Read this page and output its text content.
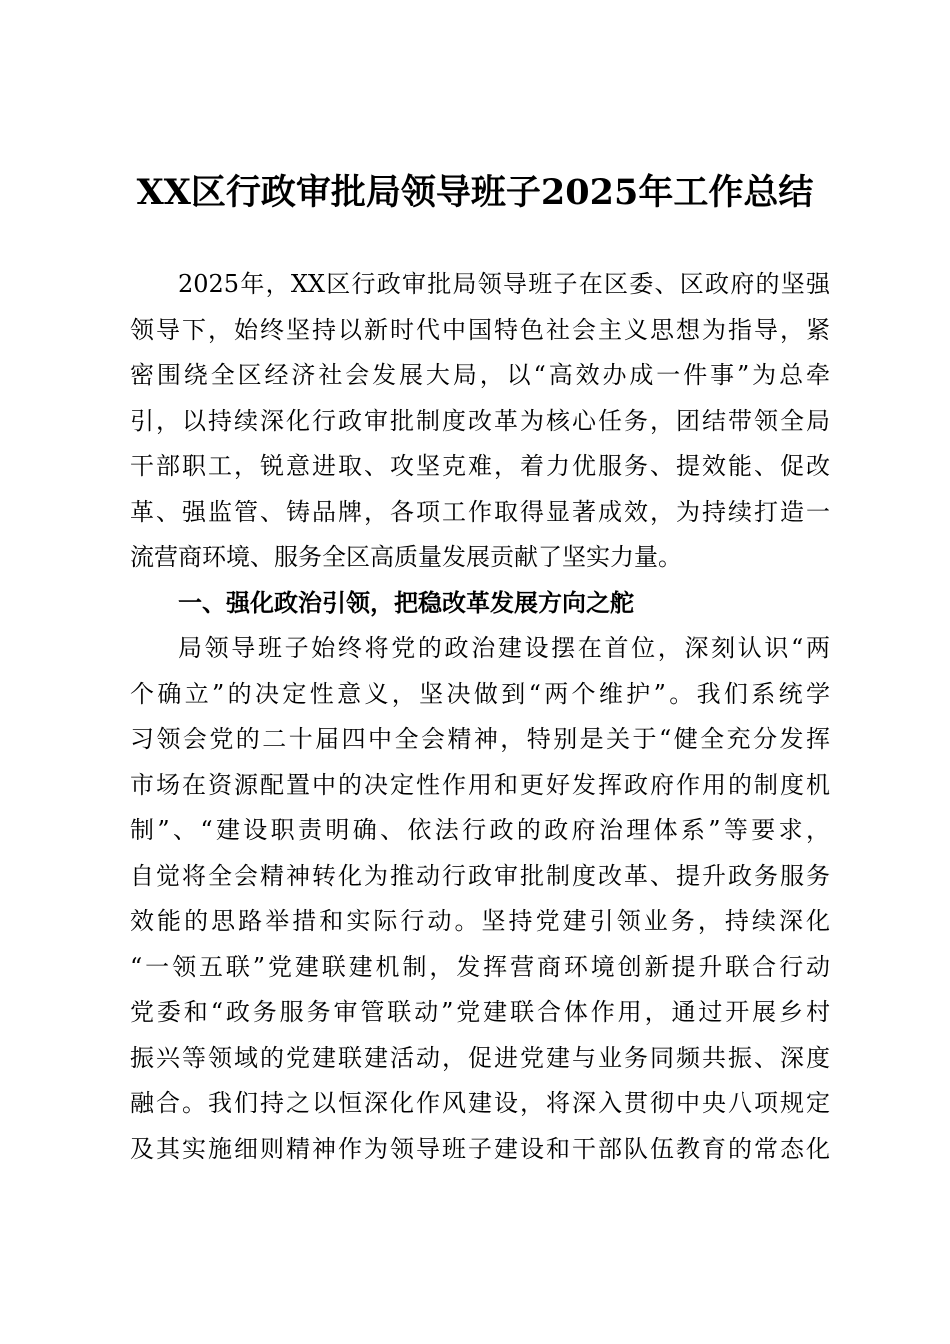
XX区行政审批局领导班子2025年工作总结
2025年，XX区行政审批局领导班子在区委、区政府的坚强
领导下，始终坚持以新时代中国特色社会主义思想为指导，紧
密围绕全区经济社会发展大局，以“高效办成一件事”为总牵
引，以持续深化行政审批制度改革为核心任务，团结带领全局
干部职工，锐意进取、攻坚克难，着力优服务、提效能、促改
革、强监管、铸品牌，各项工作取得显著成效，为持续打造一
流营商环境、服务全区高质量发展贡献了坚实力量。
一、强化政治引领，把稳改革发展方向之舵
局领导班子始终将党的政治建设摆在首位，深刻认识“两
个确立”的决定性意义，坚决做到“两个维护”。我们系统学
习领会党的二十届四中全会精神，特别是关于“健全充分发挥
市场在资源配置中的决定性作用和更好发挥政府作用的制度机
制”、“建设职责明确、依法行政的政府治理体系”等要求，
自觉将全会精神转化为推动行政审批制度改革、提升政务服务
效能的思路举措和实际行动。坚持党建引领业务，持续深化
“一领五联”党建联建机制，发挥营商环境创新提升联合行动
党委和“政务服务审管联动”党建联合体作用，通过开展乡村
振兴等领域的党建联建活动，促进党建与业务同频共振、深度
融合。我们持之以恒深化作风建设，将深入贯彻中央八项规定
及其实施细则精神作为领导班子建设和干部队伍教育的常态化
